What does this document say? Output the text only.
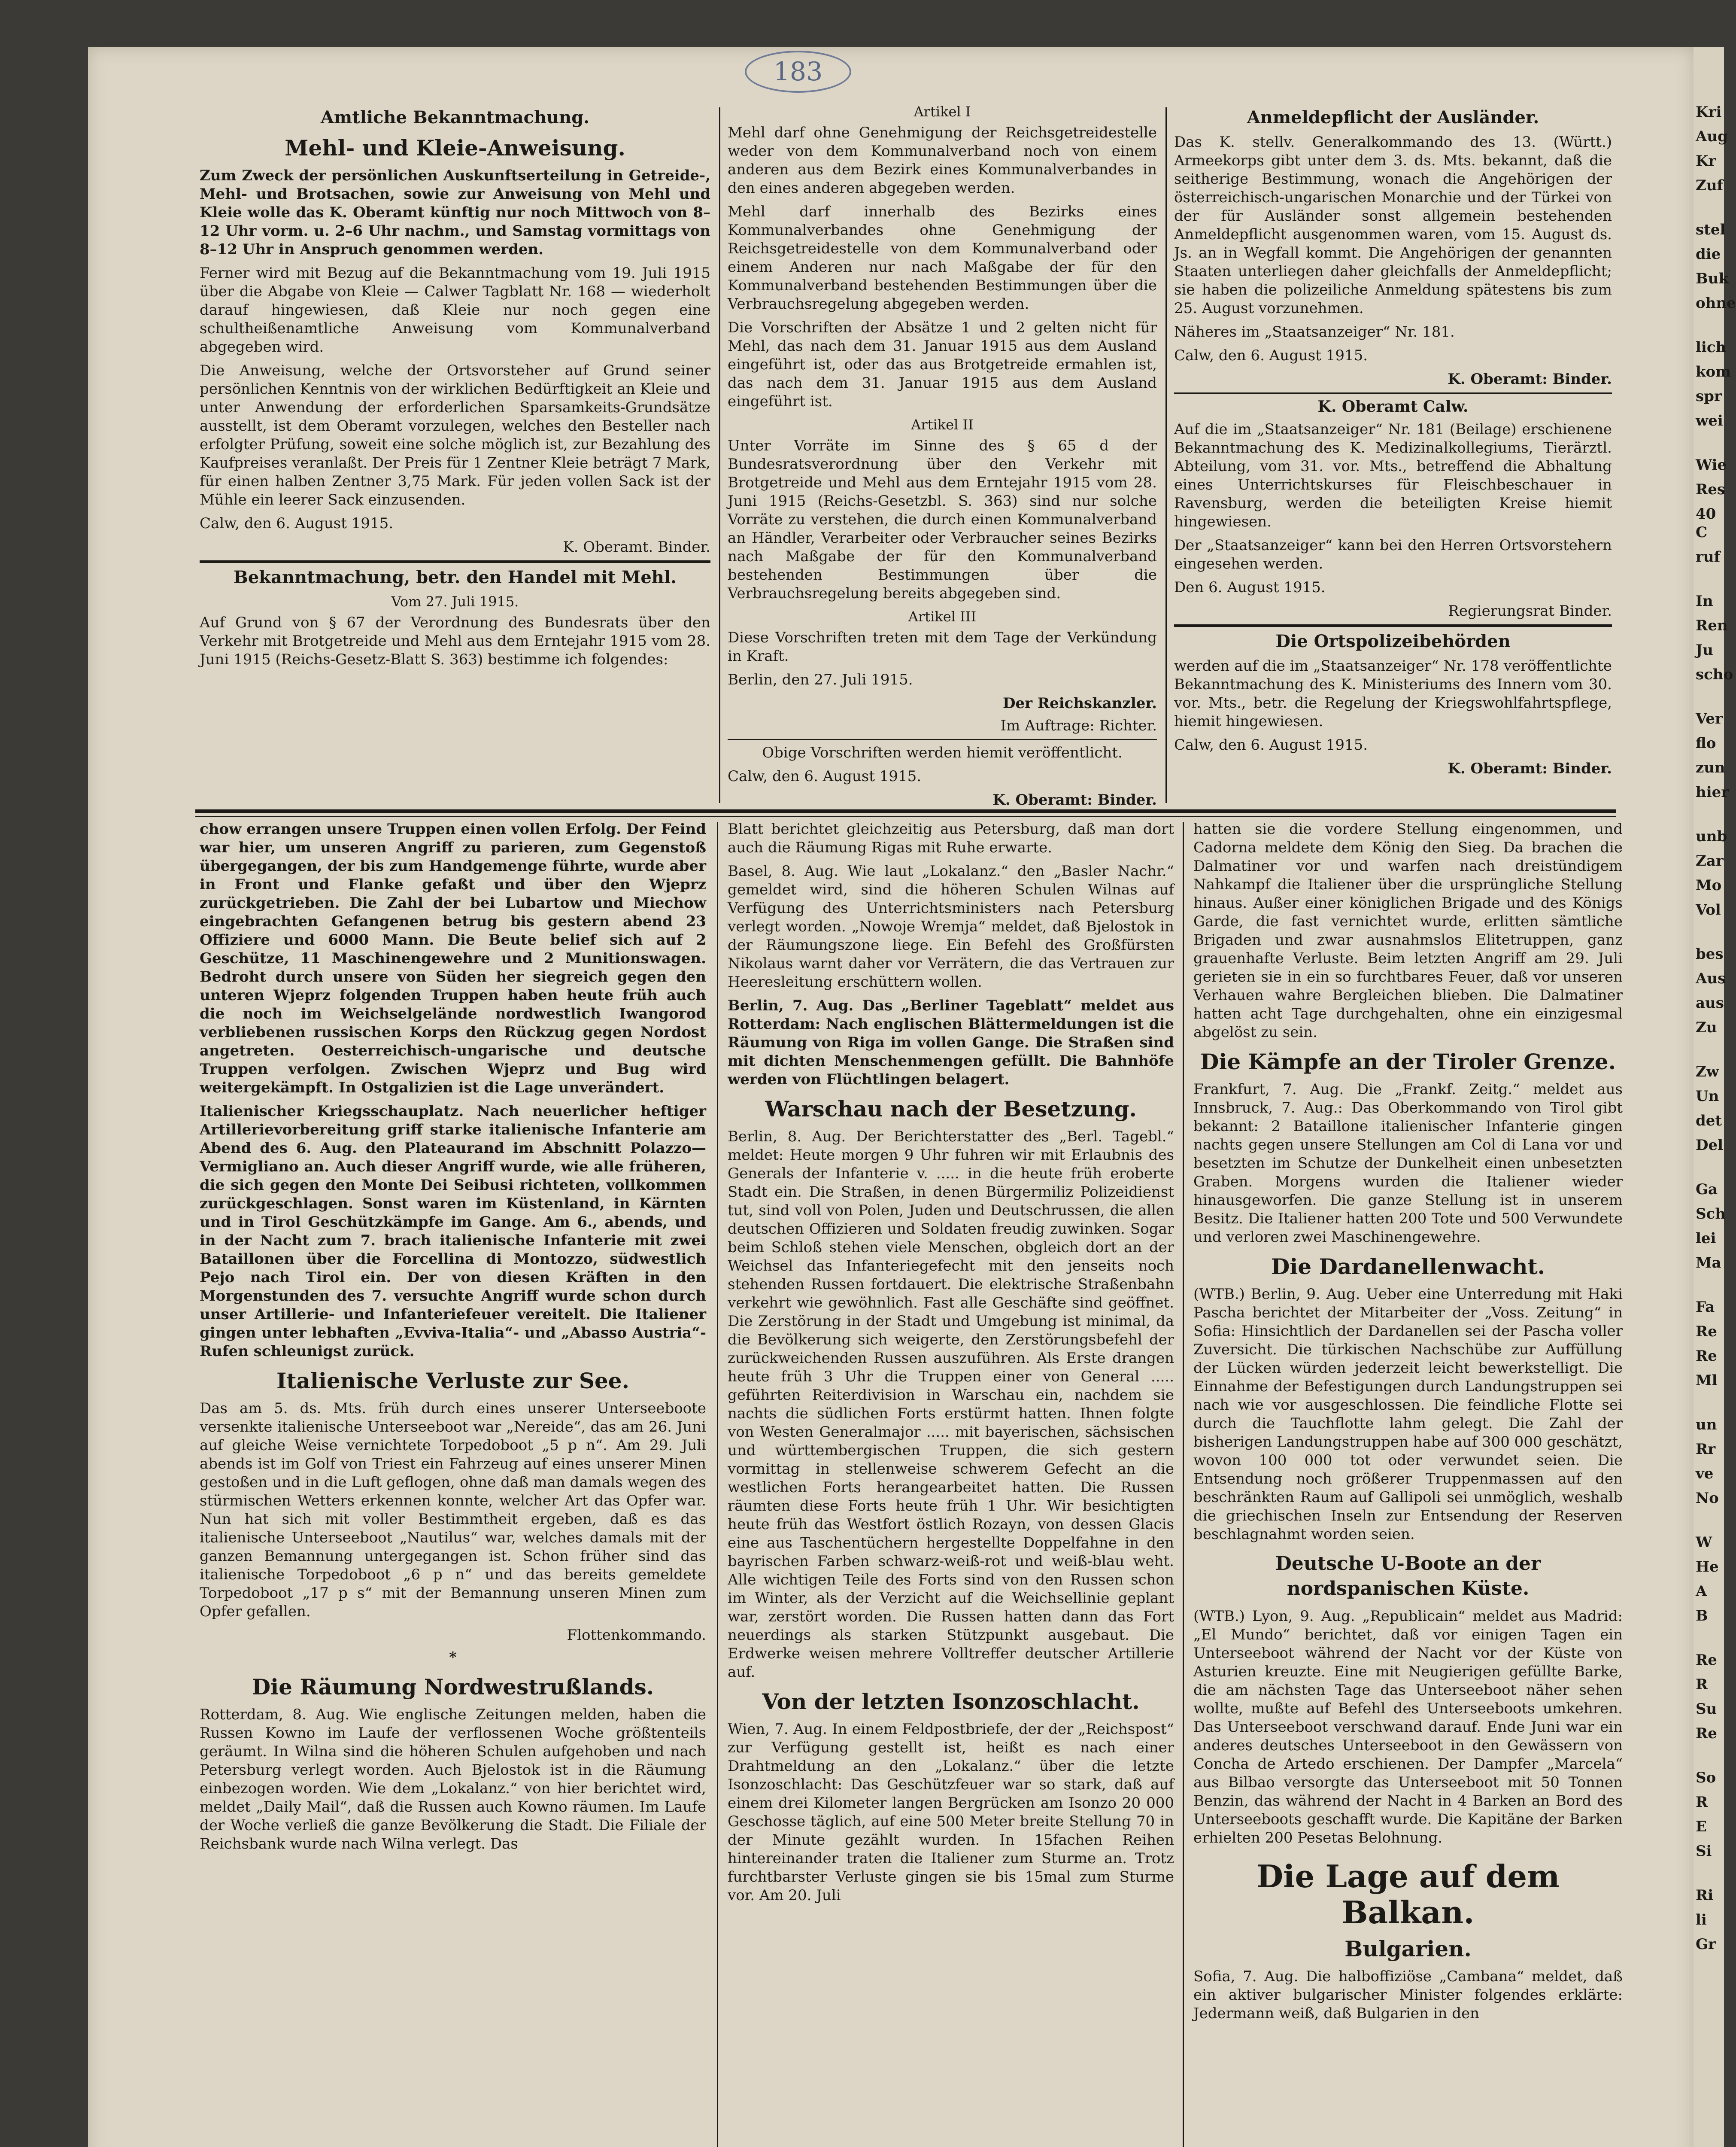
Kri
Aug
Kr
Zuf
stel
die
Buk
ohne
lich
kom
spr
wei
Wie
Res
40 C
ruf
In
Ren
Ju
scho
Ver
flo
zun
hier
unb
Zar
Mo
Vol
bes
Aus
aus
Zu
Zw
Un
det
Del
Ga
Sch
lei
Ma
Fa
Re
Re
Ml
un
Rr
ve
No
W
He
A
B
Re
R
Su
Re
So
R
E
Si
Ri
li
Gr
183
Amtliche Bekanntmachung.
Mehl- und Kleie-Anweisung.

Zum Zweck der persönlichen Auskunftserteilung in Getreide-, Mehl- und Brotsachen, sowie zur Anweisung von Mehl und Kleie wolle das K. Oberamt künftig nur noch Mittwoch von 8–12 Uhr vorm. u. 2–6 Uhr nachm., und Samstag vormittags von 8–12 Uhr in Anspruch genommen werden.

Ferner wird mit Bezug auf die Bekanntmachung vom 19. Juli 1915 über die Abgabe von Kleie — Calwer Tagblatt Nr. 168 — wiederholt darauf hingewiesen, daß Kleie nur noch gegen eine schultheißenamtliche Anweisung vom Kommunalverband abgegeben wird.

Die Anweisung, welche der Ortsvorsteher auf Grund seiner persönlichen Kenntnis von der wirklichen Bedürftigkeit an Kleie und unter Anwendung der erforderlichen Sparsamkeits-Grundsätze ausstellt, ist dem Oberamt vorzulegen, welches den Besteller nach erfolgter Prüfung, soweit eine solche möglich ist, zur Bezahlung des Kaufpreises veranlaßt. Der Preis für 1 Zentner Kleie beträgt 7 Mark, für einen halben Zentner 3,75 Mark. Für jeden vollen Sack ist der Mühle ein leerer Sack einzusenden.

Calw, den 6. August 1915.

K. Oberamt. Binder.

Bekanntmachung, betr. den Handel mit Mehl.

Vom 27. Juli 1915.

Auf Grund von § 67 der Verordnung des Bundesrats über den Verkehr mit Brotgetreide und Mehl aus dem Erntejahr 1915 vom 28. Juni 1915 (Reichs-Gesetz-Blatt S. 363) bestimme ich folgendes:

Artikel I

Mehl darf ohne Genehmigung der Reichsgetreidestelle weder von dem Kommunalverband noch von einem anderen aus dem Bezirk eines Kommunalverbandes in den eines anderen abgegeben werden.

Mehl darf innerhalb des Bezirks eines Kommunalverbandes ohne Genehmigung der Reichsgetreidestelle von dem Kommunalverband oder einem Anderen nur nach Maßgabe der für den Kommunalverband bestehenden Bestimmungen über die Verbrauchsregelung abgegeben werden.

Die Vorschriften der Absätze 1 und 2 gelten nicht für Mehl, das nach dem 31. Januar 1915 aus dem Ausland eingeführt ist, oder das aus Brotgetreide ermahlen ist, das nach dem 31. Januar 1915 aus dem Ausland eingeführt ist.

Artikel II

Unter Vorräte im Sinne des § 65 d der Bundesratsverordnung über den Verkehr mit Brotgetreide und Mehl aus dem Erntejahr 1915 vom 28. Juni 1915 (Reichs-Gesetzbl. S. 363) sind nur solche Vorräte zu verstehen, die durch einen Kommunalverband an Händler, Verarbeiter oder Verbraucher seines Bezirks nach Maßgabe der für den Kommunalverband bestehenden Bestimmungen über die Verbrauchsregelung bereits abgegeben sind.

Artikel III

Diese Vorschriften treten mit dem Tage der Verkündung in Kraft.

Berlin, den 27. Juli 1915.

Der Reichskanzler.

Im Auftrage: Richter.

Obige Vorschriften werden hiemit veröffentlicht.

Calw, den 6. August 1915.

K. Oberamt: Binder.

Anmeldepflicht der Ausländer.

Das K. stellv. Generalkommando des 13. (Württ.) Armeekorps gibt unter dem 3. ds. Mts. bekannt, daß die seitherige Bestimmung, wonach die Angehörigen der österreichisch-ungarischen Monarchie und der Türkei von der für Ausländer sonst allgemein bestehenden Anmeldepflicht ausgenommen waren, vom 15. August ds. Js. an in Wegfall kommt. Die Angehörigen der genannten Staaten unterliegen daher gleichfalls der Anmeldepflicht; sie haben die polizeiliche Anmeldung spätestens bis zum 25. August vorzunehmen.

Näheres im „Staatsanzeiger“ Nr. 181.

Calw, den 6. August 1915.

K. Oberamt: Binder.

K. Oberamt Calw.

Auf die im „Staatsanzeiger“ Nr. 181 (Beilage) erschienene Bekanntmachung des K. Medizinalkollegiums, Tierärztl. Abteilung, vom 31. vor. Mts., betreffend die Abhaltung eines Unterrichtskurses für Fleischbeschauer in Ravensburg, werden die beteiligten Kreise hiemit hingewiesen.

Der „Staatsanzeiger“ kann bei den Herren Ortsvorstehern eingesehen werden.

Den 6. August 1915.

Regierungsrat Binder.

Die Ortspolizeibehörden

werden auf die im „Staatsanzeiger“ Nr. 178 veröffentlichte Bekanntmachung des K. Ministeriums des Innern vom 30. vor. Mts., betr. die Regelung der Kriegswohlfahrtspflege, hiemit hingewiesen.

Calw, den 6. August 1915.

K. Oberamt: Binder.

chow errangen unsere Truppen einen vollen Erfolg. Der Feind war hier, um unseren Angriff zu parieren, zum Gegenstoß übergegangen, der bis zum Handgemenge führte, wurde aber in Front und Flanke gefaßt und über den Wjeprz zurückgetrieben. Die Zahl der bei Lubartow und Miechow eingebrachten Gefangenen betrug bis gestern abend 23 Offiziere und 6000 Mann. Die Beute belief sich auf 2 Geschütze, 11 Maschinengewehre und 2 Munitionswagen. Bedroht durch unsere von Süden her siegreich gegen den unteren Wjeprz folgenden Truppen haben heute früh auch die noch im Weichselgelände nordwestlich Iwangorod verbliebenen russischen Korps den Rückzug gegen Nordost angetreten. Oesterreichisch-ungarische und deutsche Truppen verfolgen. Zwischen Wjeprz und Bug wird weitergekämpft. In Ostgalizien ist die Lage unverändert.

Italienischer Kriegsschauplatz. Nach neuerlicher heftiger Artillerievorbereitung griff starke italienische Infanterie am Abend des 6. Aug. den Plateaurand im Abschnitt Polazzo—Vermigliano an. Auch dieser Angriff wurde, wie alle früheren, die sich gegen den Monte Dei Seibusi richteten, vollkommen zurückgeschlagen. Sonst waren im Küstenland, in Kärnten und in Tirol Geschützkämpfe im Gange. Am 6., abends, und in der Nacht zum 7. brach italienische Infanterie mit zwei Bataillonen über die Forcellina di Montozzo, südwestlich Pejo nach Tirol ein. Der von diesen Kräften in den Morgenstunden des 7. versuchte Angriff wurde schon durch unser Artillerie- und Infanteriefeuer vereitelt. Die Italiener gingen unter lebhaften „Evviva-Italia“- und „Abasso Austria“-Rufen schleunigst zurück.

Italienische Verluste zur See.

Das am 5. ds. Mts. früh durch eines unserer Unterseeboote versenkte italienische Unterseeboot war „Nereide“, das am 26. Juni auf gleiche Weise vernichtete Torpedoboot „5 p n“. Am 29. Juli abends ist im Golf von Triest ein Fahrzeug auf eines unserer Minen gestoßen und in die Luft geflogen, ohne daß man damals wegen des stürmischen Wetters erkennen konnte, welcher Art das Opfer war. Nun hat sich mit voller Bestimmtheit ergeben, daß es das italienische Unterseeboot „Nautilus“ war, welches damals mit der ganzen Bemannung untergegangen ist. Schon früher sind das italienische Torpedoboot „6 p n“ und das bereits gemeldete Torpedoboot „17 p s“ mit der Bemannung unseren Minen zum Opfer gefallen.

Flottenkommando.

*

Die Räumung Nordwestrußlands.

Rotterdam, 8. Aug. Wie englische Zeitungen melden, haben die Russen Kowno im Laufe der verflossenen Woche größtenteils geräumt. In Wilna sind die höheren Schulen aufgehoben und nach Petersburg verlegt worden. Auch Bjelostok ist in die Räumung einbezogen worden. Wie dem „Lokalanz.“ von hier berichtet wird, meldet „Daily Mail“, daß die Russen auch Kowno räumen. Im Laufe der Woche verließ die ganze Bevölkerung die Stadt. Die Filiale der Reichsbank wurde nach Wilna verlegt. Das

Blatt berichtet gleichzeitig aus Petersburg, daß man dort auch die Räumung Rigas mit Ruhe erwarte.

Basel, 8. Aug. Wie laut „Lokalanz.“ den „Basler Nachr.“ gemeldet wird, sind die höheren Schulen Wilnas auf Verfügung des Unterrichtsministers nach Petersburg verlegt worden. „Nowoje Wremja“ meldet, daß Bjelostok in der Räumungszone liege. Ein Befehl des Großfürsten Nikolaus warnt daher vor Verrätern, die das Vertrauen zur Heeresleitung erschüttern wollen.

Berlin, 7. Aug. Das „Berliner Tageblatt“ meldet aus Rotterdam: Nach englischen Blättermeldungen ist die Räumung von Riga im vollen Gange. Die Straßen sind mit dichten Menschenmengen gefüllt. Die Bahnhöfe werden von Flüchtlingen belagert.

Warschau nach der Besetzung.

Berlin, 8. Aug. Der Berichterstatter des „Berl. Tagebl.“ meldet: Heute morgen 9 Uhr fuhren wir mit Erlaubnis des Generals der Infanterie v. ..... in die heute früh eroberte Stadt ein. Die Straßen, in denen Bürgermiliz Polizeidienst tut, sind voll von Polen, Juden und Deutschrussen, die allen deutschen Offizieren und Soldaten freudig zuwinken. Sogar beim Schloß stehen viele Menschen, obgleich dort an der Weichsel das Infanteriegefecht mit den jenseits noch stehenden Russen fortdauert. Die elektrische Straßenbahn verkehrt wie gewöhnlich. Fast alle Geschäfte sind geöffnet. Die Zerstörung in der Stadt und Umgebung ist minimal, da die Bevölkerung sich weigerte, den Zerstörungsbefehl der zurückweichenden Russen auszuführen. Als Erste drangen heute früh 3 Uhr die Truppen einer von General ..... geführten Reiterdivision in Warschau ein, nachdem sie nachts die südlichen Forts erstürmt hatten. Ihnen folgte von Westen Generalmajor ..... mit bayerischen, sächsischen und württembergischen Truppen, die sich gestern vormittag in stellenweise schwerem Gefecht an die westlichen Forts herangearbeitet hatten. Die Russen räumten diese Forts heute früh 1 Uhr. Wir besichtigten heute früh das Westfort östlich Rozayn, von dessen Glacis eine aus Taschentüchern hergestellte Doppelfahne in den bayrischen Farben schwarz-weiß-rot und weiß-blau weht. Alle wichtigen Teile des Forts sind von den Russen schon im Winter, als der Verzicht auf die Weichsellinie geplant war, zerstört worden. Die Russen hatten dann das Fort neuerdings als starken Stützpunkt ausgebaut. Die Erdwerke weisen mehrere Volltreffer deutscher Artillerie auf.

Von der letzten Isonzoschlacht.

Wien, 7. Aug. In einem Feldpostbriefe, der der „Reichspost“ zur Verfügung gestellt ist, heißt es nach einer Drahtmeldung an den „Lokalanz.“ über die letzte Isonzoschlacht: Das Geschützfeuer war so stark, daß auf einem drei Kilometer langen Bergrücken am Isonzo 20 000 Geschosse täglich, auf eine 500 Meter breite Stellung 70 in der Minute gezählt wurden. In 15fachen Reihen hintereinander traten die Italiener zum Sturme an. Trotz furchtbarster Verluste gingen sie bis 15mal zum Sturme vor. Am 20. Juli

hatten sie die vordere Stellung eingenommen, und Cadorna meldete dem König den Sieg. Da brachen die Dalmatiner vor und warfen nach dreistündigem Nahkampf die Italiener über die ursprüngliche Stellung hinaus. Außer einer königlichen Brigade und des Königs Garde, die fast vernichtet wurde, erlitten sämtliche Brigaden und zwar ausnahmslos Elitetruppen, ganz grauenhafte Verluste. Beim letzten Angriff am 29. Juli gerieten sie in ein so furchtbares Feuer, daß vor unseren Verhauen wahre Bergleichen blieben. Die Dalmatiner hatten acht Tage durchgehalten, ohne ein einzigesmal abgelöst zu sein.

Die Kämpfe an der Tiroler Grenze.

Frankfurt, 7. Aug. Die „Frankf. Zeitg.“ meldet aus Innsbruck, 7. Aug.: Das Oberkommando von Tirol gibt bekannt: 2 Bataillone italienischer Infanterie gingen nachts gegen unsere Stellungen am Col di Lana vor und besetzten im Schutze der Dunkelheit einen unbesetzten Graben. Morgens wurden die Italiener wieder hinausgeworfen. Die ganze Stellung ist in unserem Besitz. Die Italiener hatten 200 Tote und 500 Verwundete und verloren zwei Maschinengewehre.

Die Dardanellenwacht.

(WTB.) Berlin, 9. Aug. Ueber eine Unterredung mit Haki Pascha berichtet der Mitarbeiter der „Voss. Zeitung“ in Sofia: Hinsichtlich der Dardanellen sei der Pascha voller Zuversicht. Die türkischen Nachschübe zur Auffüllung der Lücken würden jederzeit leicht bewerkstelligt. Die Einnahme der Befestigungen durch Landungstruppen sei nach wie vor ausgeschlossen. Die feindliche Flotte sei durch die Tauchflotte lahm gelegt. Die Zahl der bisherigen Landungstruppen habe auf 300 000 geschätzt, wovon 100 000 tot oder verwundet seien. Die Entsendung noch größerer Truppenmassen auf den beschränkten Raum auf Gallipoli sei unmöglich, weshalb die griechischen Inseln zur Entsendung der Reserven beschlagnahmt worden seien.

Deutsche U-Boote an der nordspanischen Küste.

(WTB.) Lyon, 9. Aug. „Republicain“ meldet aus Madrid: „El Mundo“ berichtet, daß vor einigen Tagen ein Unterseeboot während der Nacht vor der Küste von Asturien kreuzte. Eine mit Neugierigen gefüllte Barke, die am nächsten Tage das Unterseeboot näher sehen wollte, mußte auf Befehl des Unterseeboots umkehren. Das Unterseeboot verschwand darauf. Ende Juni war ein anderes deutsches Unterseeboot in den Gewässern von Concha de Artedo erschienen. Der Dampfer „Marcela“ aus Bilbao versorgte das Unterseeboot mit 50 Tonnen Benzin, das während der Nacht in 4 Barken an Bord des Unterseeboots geschafft wurde. Die Kapitäne der Barken erhielten 200 Pesetas Belohnung.

Die Lage auf dem Balkan.
Bulgarien.

Sofia, 7. Aug. Die halboffiziöse „Cambana“ meldet, daß ein aktiver bulgarischer Minister folgendes erklärte: Jedermann weiß, daß Bulgarien in den
